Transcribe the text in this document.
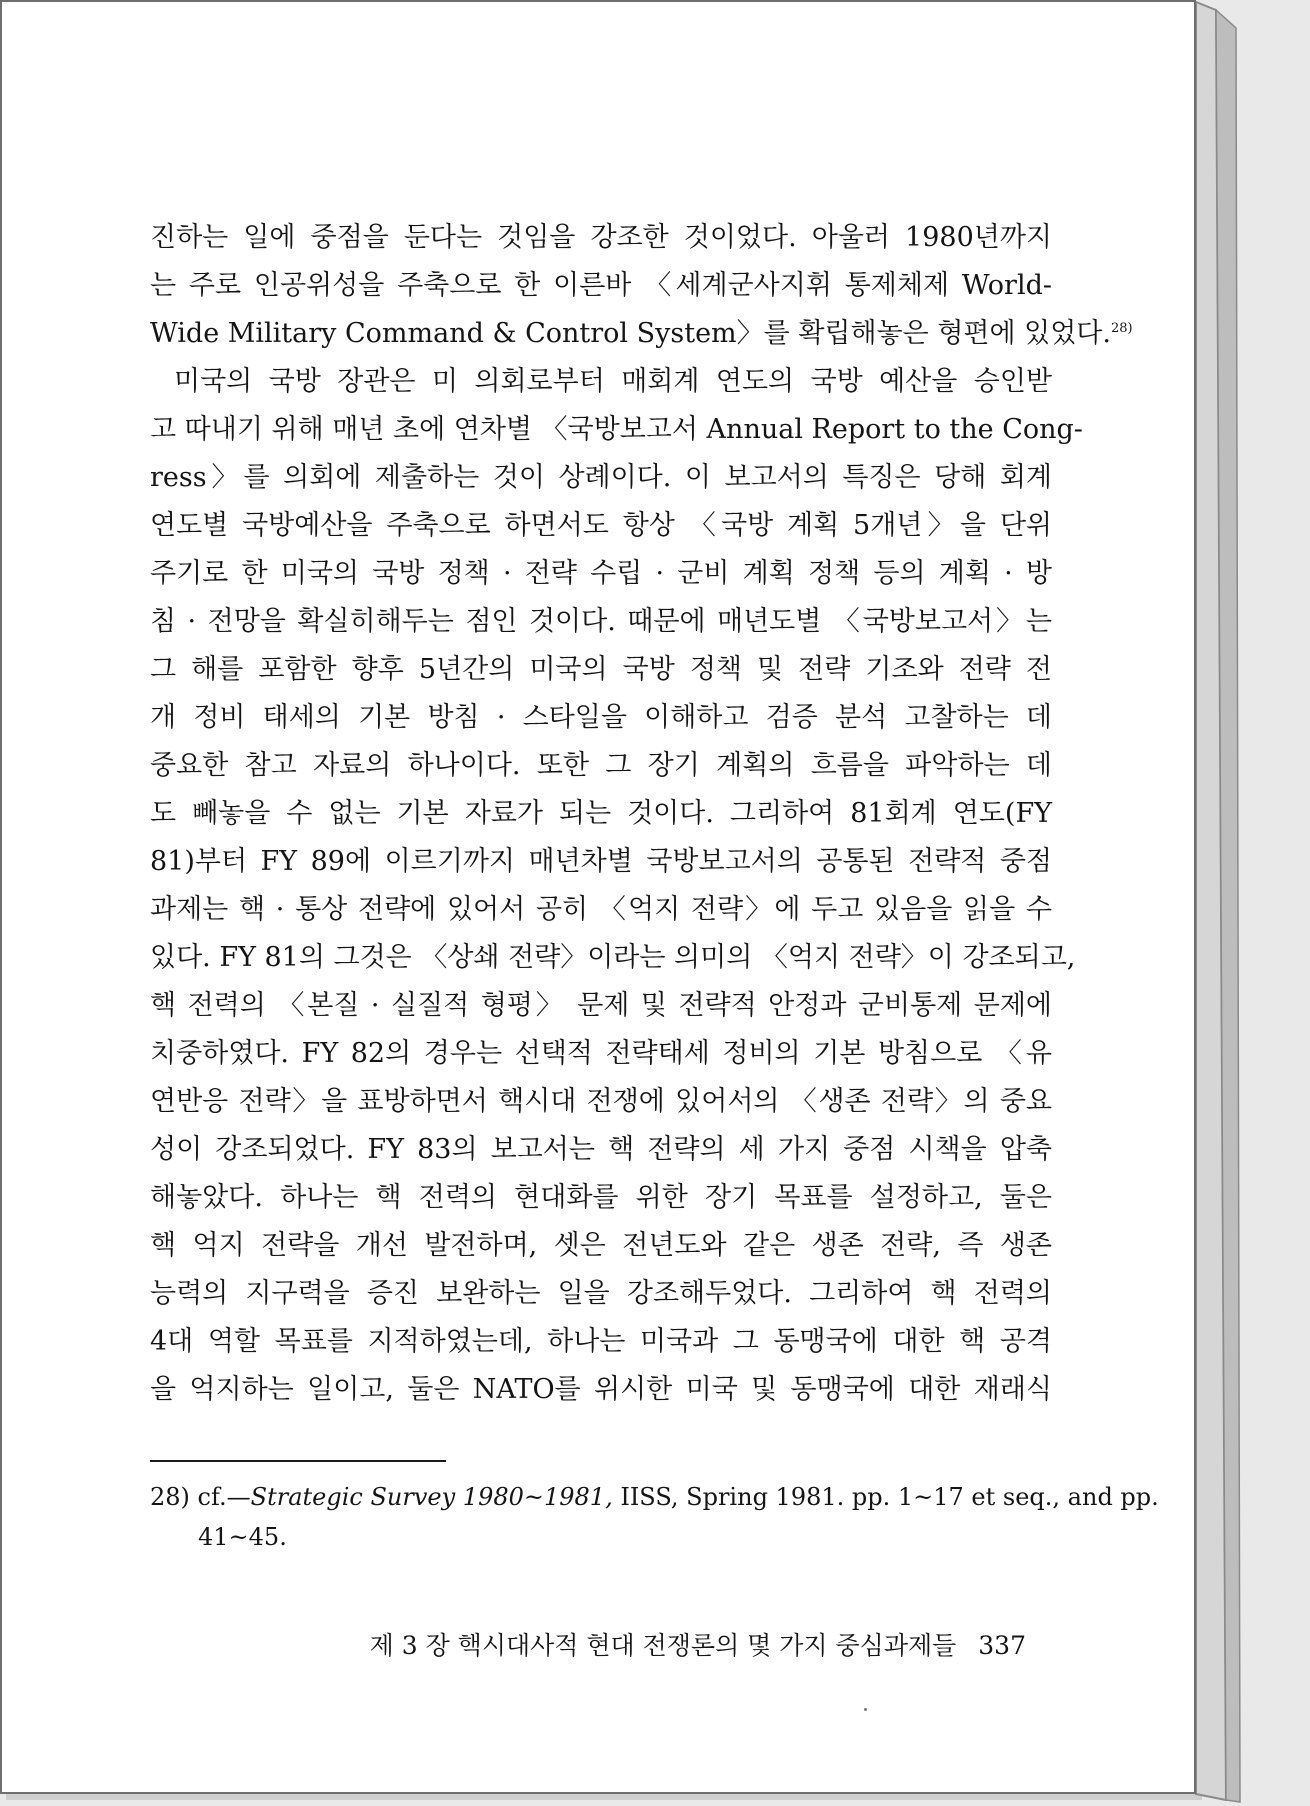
진하는 일에 중점을 둔다는 것임을 강조한 것이었다. 아울러 1980년까지
는 주로 인공위성을 주축으로 한 이른바 〈세계군사지휘 통제체제 World-
Wide Military Command & Control System〉를 확립해놓은 형편에 있었다.$^{28)}$
미국의 국방 장관은 미 의회로부터 매회계 연도의 국방 예산을 승인받
고 따내기 위해 매년 초에 연차별 〈국방보고서 Annual Report to the Cong-
ress〉를 의회에 제출하는 것이 상례이다. 이 보고서의 특징은 당해 회계
연도별 국방예산을 주축으로 하면서도 항상 〈국방 계획 5개년〉을 단위
주기로 한 미국의 국방 정책 · 전략 수립 · 군비 계획 정책 등의 계획 · 방
침 · 전망을 확실히해두는 점인 것이다. 때문에 매년도별 〈국방보고서〉는
그 해를 포함한 향후 5년간의 미국의 국방 정책 및 전략 기조와 전략 전
개 정비 태세의 기본 방침 · 스타일을 이해하고 검증 분석 고찰하는 데
중요한 참고 자료의 하나이다. 또한 그 장기 계획의 흐름을 파악하는 데
도 빼놓을 수 없는 기본 자료가 되는 것이다. 그리하여 81회계 연도(FY
81)부터 FY 89에 이르기까지 매년차별 국방보고서의 공통된 전략적 중점
과제는 핵 · 통상 전략에 있어서 공히 〈억지 전략〉에 두고 있음을 읽을 수
있다. FY 81의 그것은 〈상쇄 전략〉이라는 의미의 〈억지 전략〉이 강조되고,
핵 전력의 〈본질 · 실질적 형평〉 문제 및 전략적 안정과 군비통제 문제에
치중하였다. FY 82의 경우는 선택적 전략태세 정비의 기본 방침으로 〈유
연반응 전략〉을 표방하면서 핵시대 전쟁에 있어서의 〈생존 전략〉의 중요
성이 강조되었다. FY 83의 보고서는 핵 전략의 세 가지 중점 시책을 압축
해놓았다. 하나는 핵 전력의 현대화를 위한 장기 목표를 설정하고, 둘은
핵 억지 전략을 개선 발전하며, 셋은 전년도와 같은 생존 전략, 즉 생존
능력의 지구력을 증진 보완하는 일을 강조해두었다. 그리하여 핵 전력의
4대 역할 목표를 지적하였는데, 하나는 미국과 그 동맹국에 대한 핵 공격
을 억지하는 일이고, 둘은 NATO를 위시한 미국 및 동맹국에 대한 재래식
28) cf.—Strategic Survey 1980~1981, IISS, Spring 1981. pp. 1~17 et seq., and pp.
41~45.
제 3 장 핵시대사적 현대 전쟁론의 몇 가지 중심과제들 337
